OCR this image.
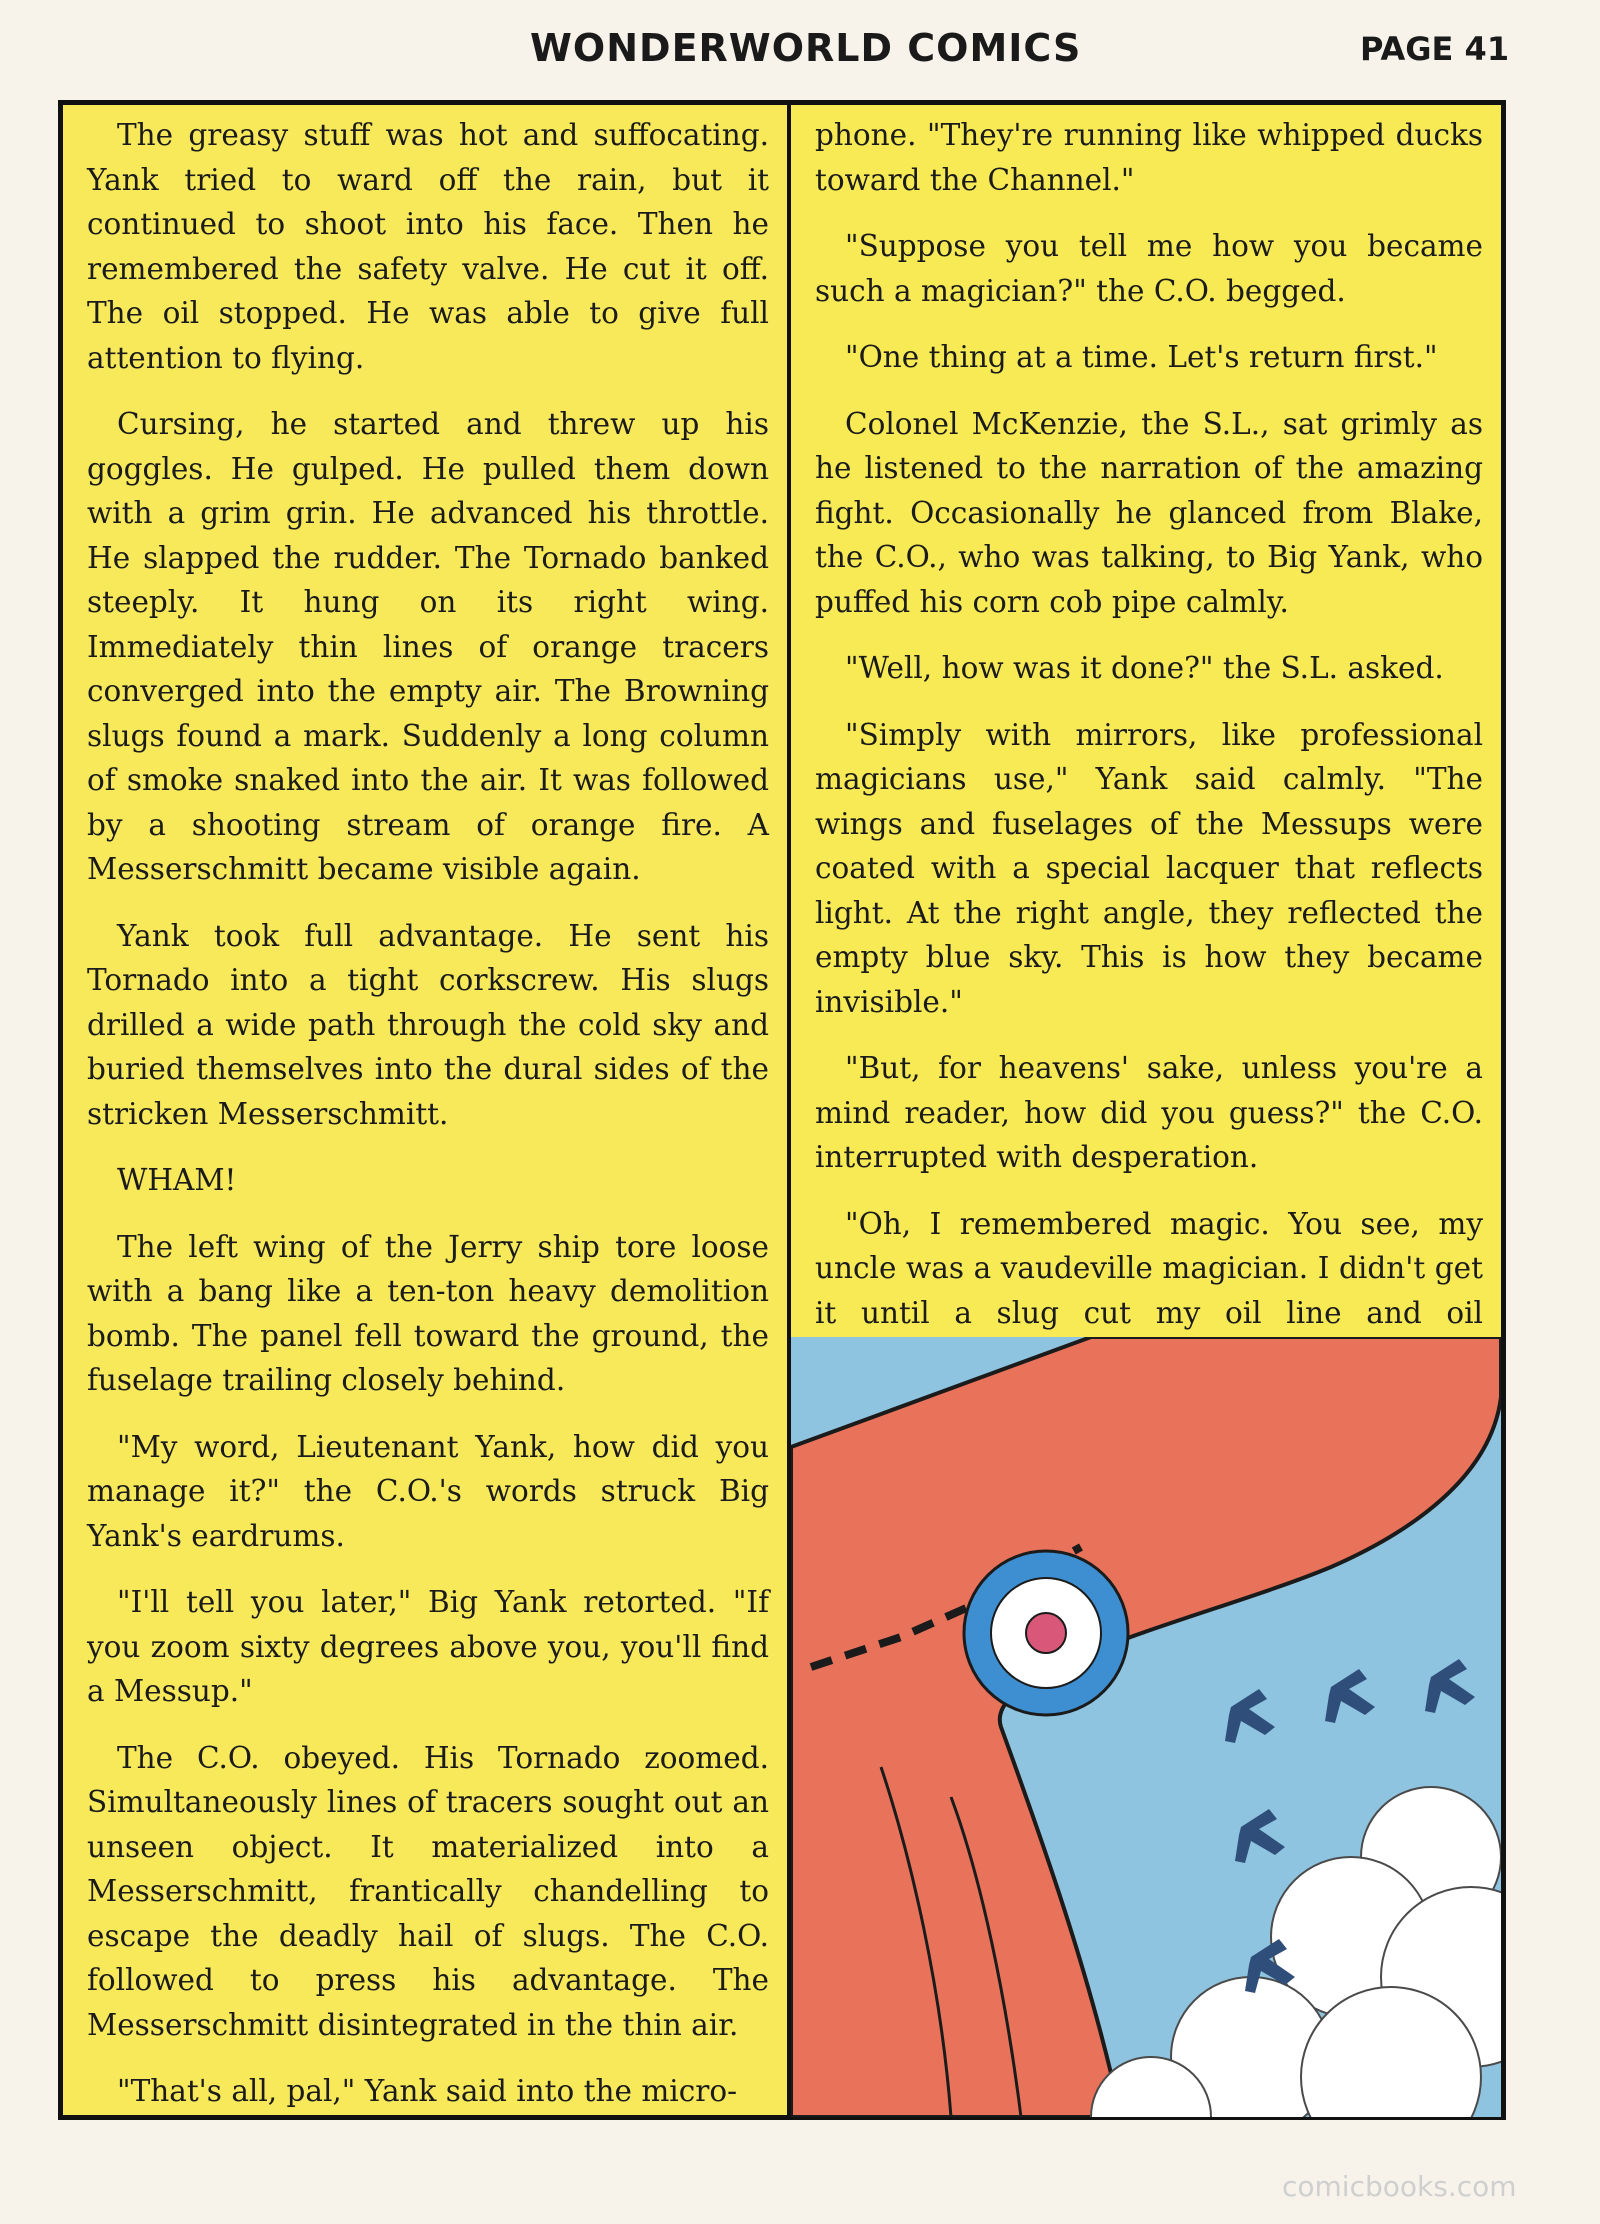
WONDERWORLD COMICS	PAGE 41

The greasy stuff was hot and suffocating. Yank tried to ward off the rain, but it continued to shoot into his face. Then he remembered the safety valve. He cut it off. The oil stopped. He was able to give full attention to flying.

Cursing, he started and threw up his goggles. He gulped. He pulled them down with a grim grin. He advanced his throttle. He slapped the rudder. The Tornado banked steeply. It hung on its right wing. Immediately thin lines of orange tracers converged into the empty air. The Browning slugs found a mark. Suddenly a long column of smoke snaked into the air. It was followed by a shooting stream of orange fire. A Messerschmitt became visible again.

Yank took full advantage. He sent his Tornado into a tight corkscrew. His slugs drilled a wide path through the cold sky and buried themselves into the dural sides of the stricken Messerschmitt.

WHAM!

The left wing of the Jerry ship tore loose with a bang like a ten-ton heavy demolition bomb. The panel fell toward the ground, the fuselage trailing closely behind.

"My word, Lieutenant Yank, how did you manage it?" the C.O.'s words struck Big Yank's eardrums.

"I'll tell you later," Big Yank retorted. "If you zoom sixty degrees above you, you'll find a Messup."

The C.O. obeyed. His Tornado zoomed. Simultaneously lines of tracers sought out an unseen object. It materialized into a Messerschmitt, frantically chandelling to escape the deadly hail of slugs. The C.O. followed to press his advantage. The Messerschmitt disintegrated in the thin air.

"That's all, pal," Yank said into the micro-

phone. "They're running like whipped ducks toward the Channel."

"Suppose you tell me how you became such a magician?" the C.O. begged.

"One thing at a time. Let's return first."

Colonel McKenzie, the S.L., sat grimly as he listened to the narration of the amazing fight. Occasionally he glanced from Blake, the C.O., who was talking, to Big Yank, who puffed his corn cob pipe calmly.

"Well, how was it done?" the S.L. asked.

"Simply with mirrors, like professional magicians use," Yank said calmly. "The wings and fuselages of the Messups were coated with a special lacquer that reflects light. At the right angle, they reflected the empty blue sky. This is how they became invisible."

"But, for heavens' sake, unless you're a mind reader, how did you guess?" the C.O. interrupted with desperation.

"Oh, I remembered magic. You see, my uncle was a vaudeville magician. I didn't get it until a slug cut my oil line and oil

comicbooks.com
